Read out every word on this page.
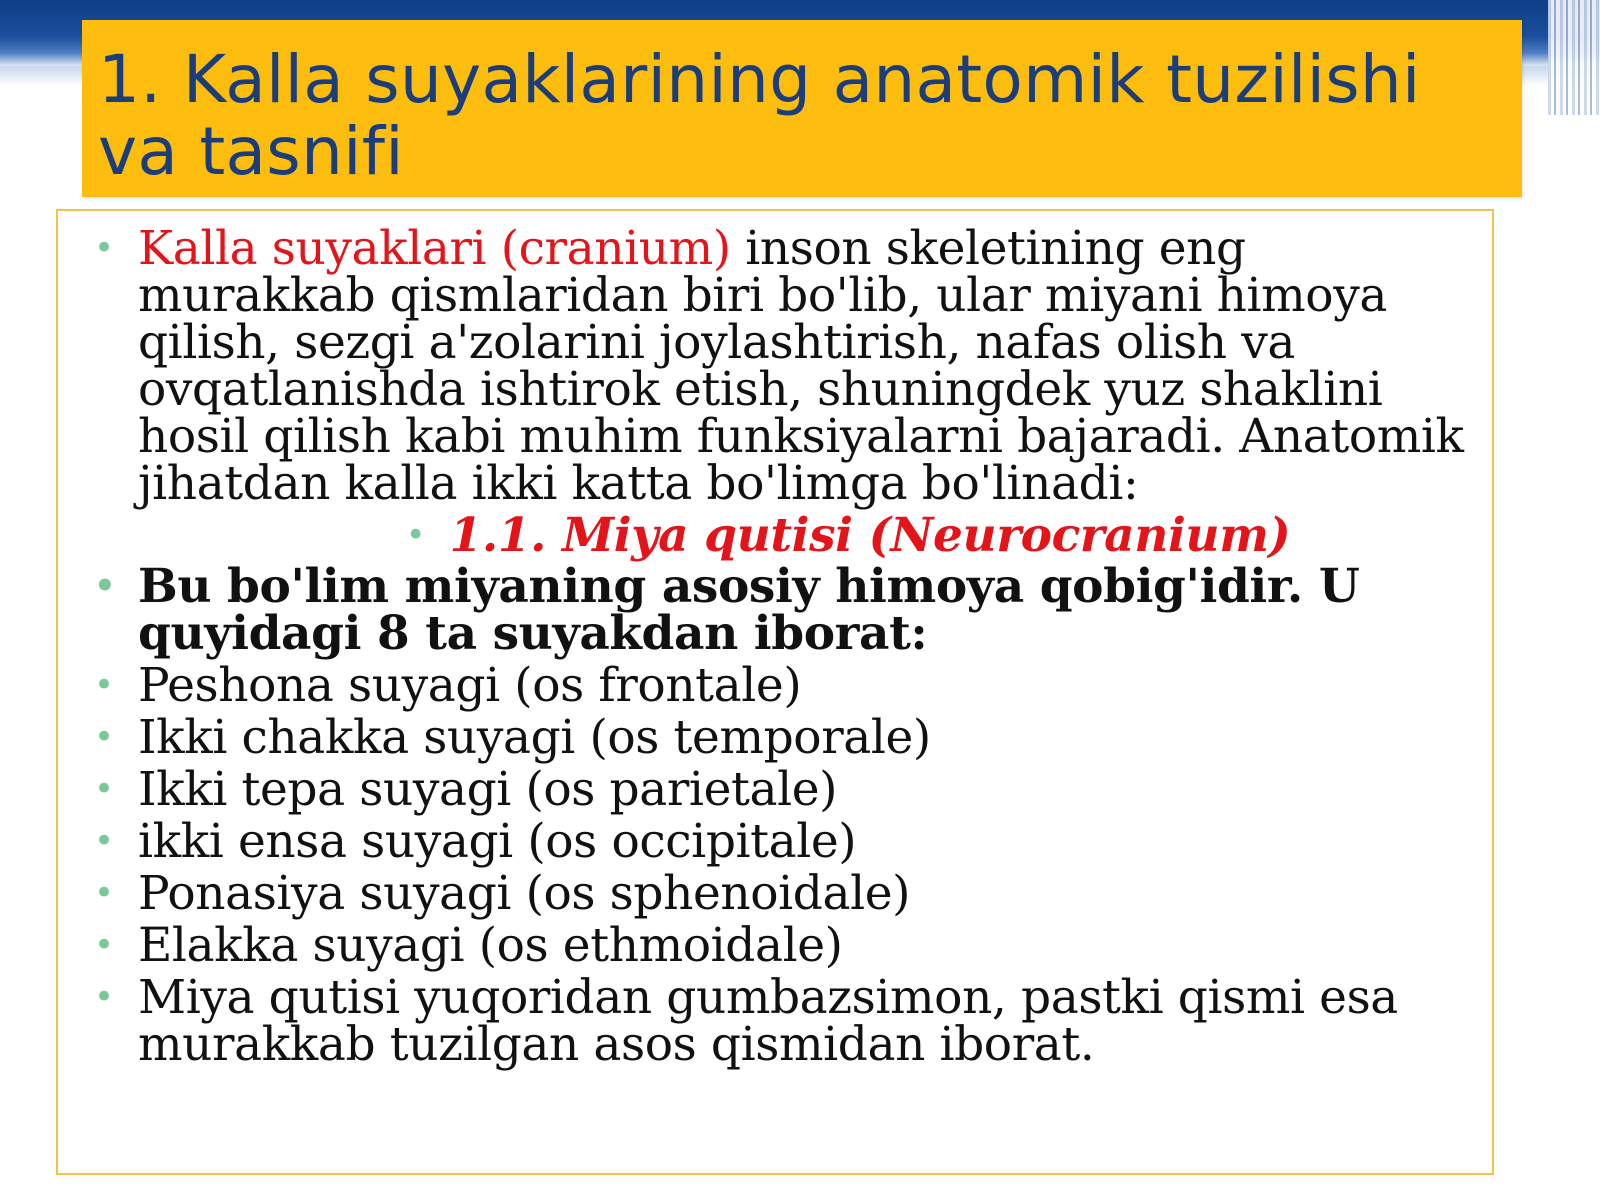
1. Kalla suyaklarining anatomik tuzilishi va tasnifi
• Kalla suyaklari (cranium) inson skeletining eng murakkab qismlaridan biri bo'lib, ular miyani himoya qilish, sezgi a'zolarini joylashtirish, nafas olish va ovqatlanishda ishtirok etish, shuningdek yuz shaklini hosil qilish kabi muhim funksiyalarni bajaradi. Anatomik jihatdan kalla ikki katta bo'limga bo'linadi:
• 1.1. Miya qutisi (Neurocranium)
• Bu bo'lim miyaning asosiy himoya qobig'idir. U quyidagi 8 ta suyakdan iborat:
• Peshona suyagi (os frontale)
• Ikki chakka suyagi (os temporale)
• Ikki tepa suyagi (os parietale)
• ikki ensa suyagi (os occipitale)
• Ponasiya suyagi (os sphenoidale)
• Elakka suyagi (os ethmoidale)
• Miya qutisi yuqoridan gumbazsimon, pastki qismi esa murakkab tuzilgan asos qismidan iborat.
